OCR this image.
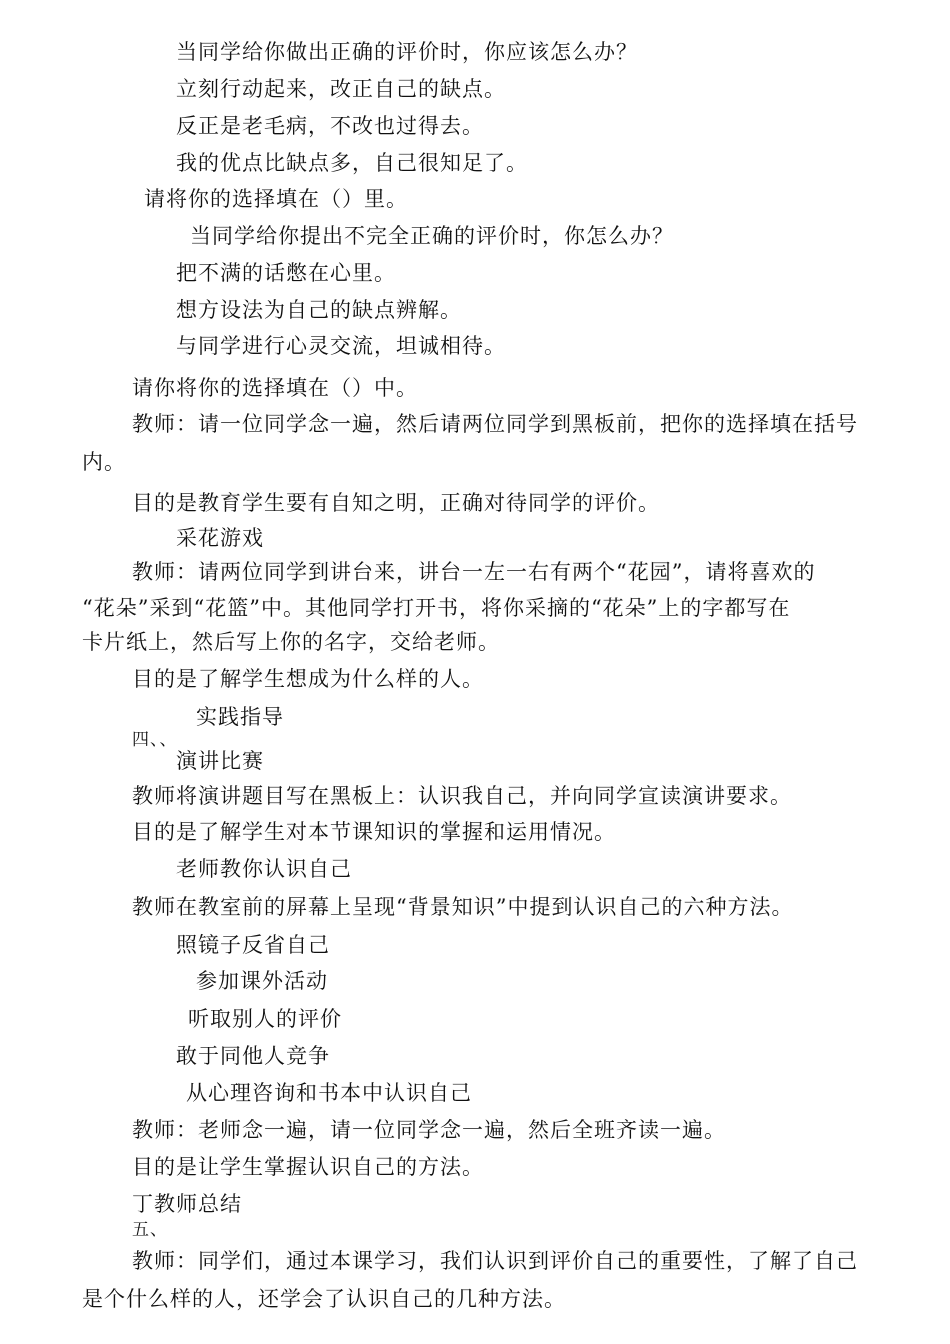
当同学给你做出正确的评价时，你应该怎么办？
立刻行动起来，改正自己的缺点。
反正是老毛病，不改也过得去。
我的优点比缺点多，自己很知足了。
请将你的选择填在（）里。
当同学给你提出不完全正确的评价时，你怎么办？
把不满的话憋在心里。
想方设法为自己的缺点辨解。
与同学进行心灵交流，坦诚相待。
请你将你的选择填在（）中。
教师：请一位同学念一遍，然后请两位同学到黑板前，把你的选择填在括号
内。
目的是教育学生要有自知之明，正确对待同学的评价。
采花游戏
教师：请两位同学到讲台来，讲台一左一右有两个“花园”，请将喜欢的
“花朵”采到“花篮”中。其他同学打开书，将你采摘的“花朵”上的字都写在
卡片纸上，然后写上你的名字，交给老师。
目的是了解学生想成为什么样的人。
实践指导
四、、
演讲比赛
教师将演讲题目写在黑板上：认识我自己，并向同学宣读演讲要求。
目的是了解学生对本节课知识的掌握和运用情况。
老师教你认识自己
教师在教室前的屏幕上呈现“背景知识”中提到认识自己的六种方法。
照镜子反省自己
参加课外活动
听取别人的评价
敢于同他人竞争
从心理咨询和书本中认识自己
教师：老师念一遍，请一位同学念一遍，然后全班齐读一遍。
目的是让学生掌握认识自己的方法。
丁教师总结
五、
教师：同学们，通过本课学习，我们认识到评价自己的重要性，了解了自己
是个什么样的人，还学会了认识自己的几种方法。
